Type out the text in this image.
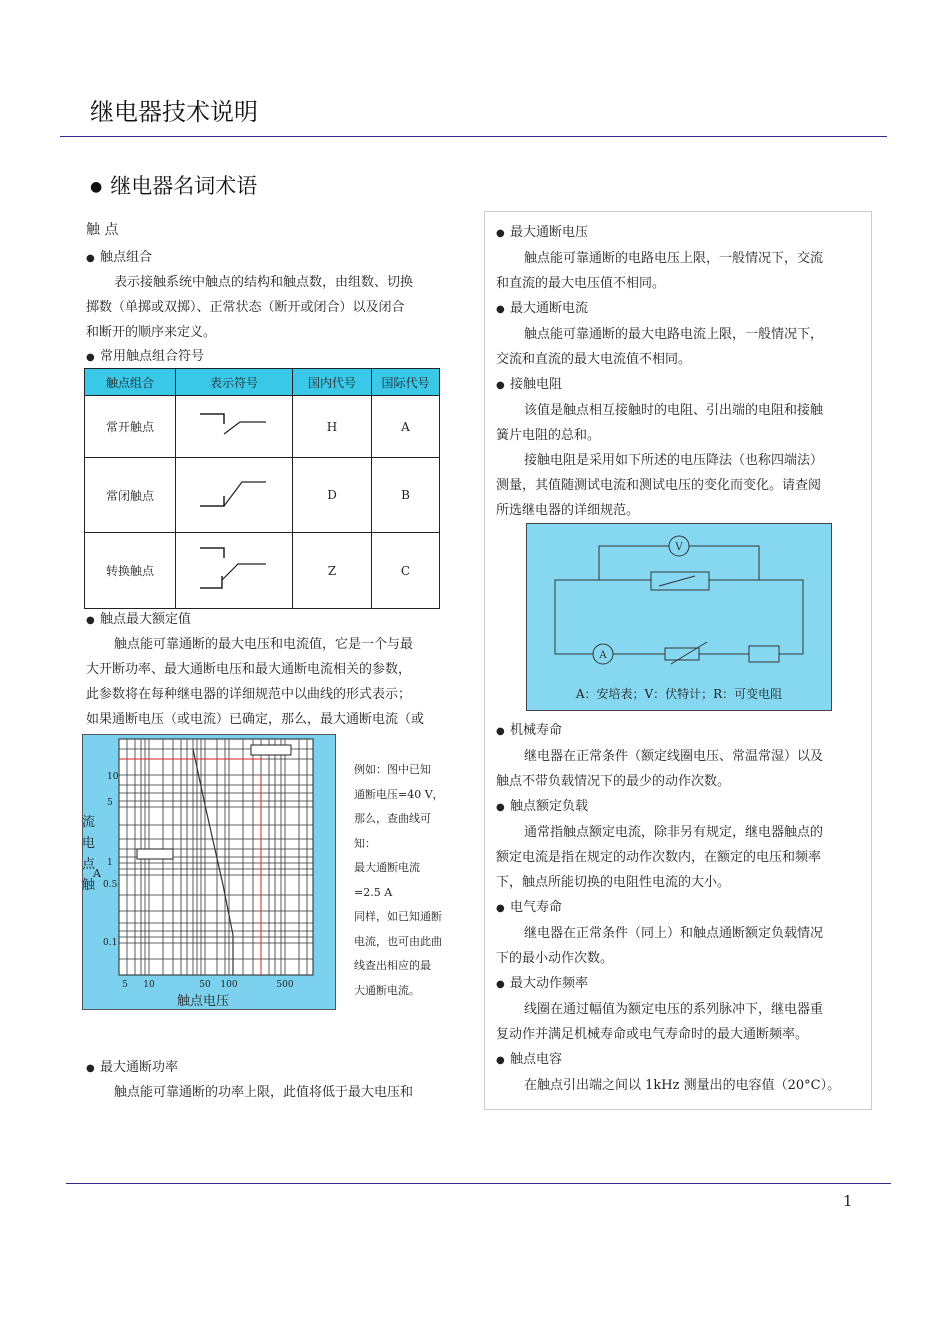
继电器技术说明
● 继电器名词术语
触 点
● 触点组合
表示接触系统中触点的结构和触点数，由组数、切换
掷数（单掷或双掷）、正常状态（断开或闭合）以及闭合
和断开的顺序来定义。
● 常用触点组合符号
触点组合	表示符号	国内代号	国际代号
常开触点		H	A
常闭触点		D	B
转换触点		Z	C
● 触点最大额定值
触点能可靠通断的最大电压和电流值，它是一个与最
大开断功率、最大通断电压和最大通断电流相关的参数，
此参数将在每种继电器的详细规范中以曲线的形式表示；
如果通断电压（或电流）已确定，那么，最大通断电流（或
A
触点电压
5 10	50 100	500
10
5
1
0.5
0.1
流
电
点
触
例如：图中已知
通断电压=40 V，
那么，查曲线可
知：
最大通断电流
=2.5 A
同样，如已知通断
电流，也可由此曲
线查出相应的最
大通断电流。
● 最大通断功率
触点能可靠通断的功率上限，此值将低于最大电压和
● 最大通断电压
触点能可靠通断的电路电压上限，一般情况下，交流
和直流的最大电压值不相同。
● 最大通断电流
触点能可靠通断的最大电路电流上限，一般情况下，
交流和直流的最大电流值不相同。
● 接触电阻
该值是触点相互接触时的电阻、引出端的电阻和接触
簧片电阻的总和。
接触电阻是采用如下所述的电压降法（也称四端法）
测量，其值随测试电流和测试电压的变化而变化。请查阅
所选继电器的详细规范。
V
A
A：安培表；V：伏特计；R：可变电阻
● 机械寿命
继电器在正常条件（额定线圈电压、常温常湿）以及
触点不带负载情况下的最少的动作次数。
● 触点额定负载
通常指触点额定电流，除非另有规定，继电器触点的
额定电流是指在规定的动作次数内，在额定的电压和频率
下，触点所能切换的电阻性电流的大小。
● 电气寿命
继电器在正常条件（同上）和触点通断额定负载情况
下的最小动作次数。
● 最大动作频率
线圈在通过幅值为额定电压的系列脉冲下，继电器重
复动作并满足机械寿命或电气寿命时的最大通断频率。
● 触点电容
在触点引出端之间以 1kHz 测量出的电容值（20°C）。
1
